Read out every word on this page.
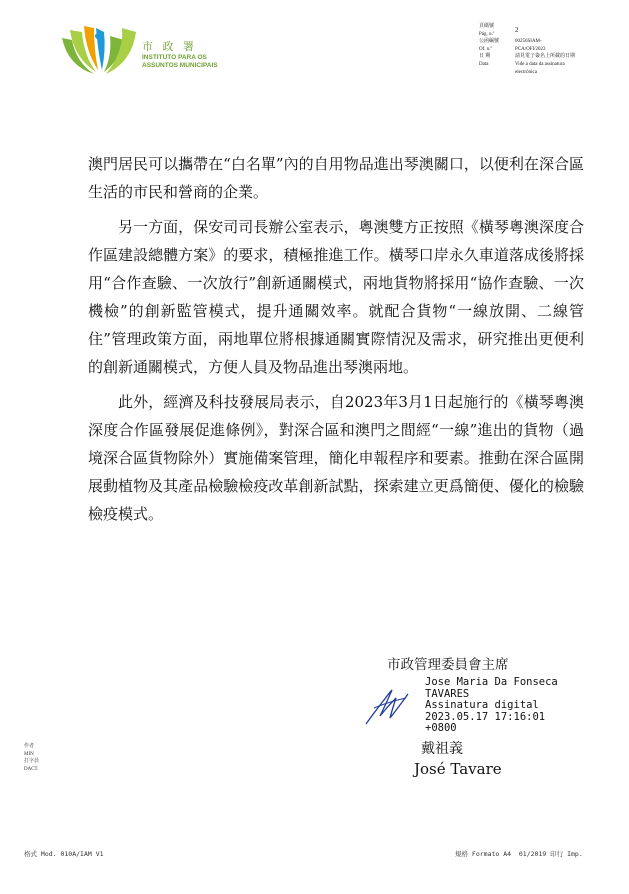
市 政 署
INSTITUTO PARA OS
ASSUNTOS MUNICIPAIS
頁碼號
Pág. n.º
2
公函編號
Of. n.º
00256SIAM-
PCA/OFI/2023
日 期
Data
請見電子簽名上所載的日期
Vide a data da assinatura
electrónica

澳門居民可以攜帶在“白名單”內的自用物品進出琴澳關口，以便利在深合區生活的市民和營商的企業。

另一方面，保安司司長辦公室表示，粵澳雙方正按照《橫琴粵澳深度合作區建設總體方案》的要求，積極推進工作。橫琴口岸永久車道落成後將採用“合作查驗、一次放行”創新通關模式，兩地貨物將採用“協作查驗、一次機檢”的創新監管模式，提升通關效率。就配合貨物“一線放開、二線管住”管理政策方面，兩地單位將根據通關實際情況及需求，研究推出更便利的創新通關模式，方便人員及物品進出琴澳兩地。

此外，經濟及科技發展局表示，自2023年3月1日起施行的《橫琴粵澳深度合作區發展促進條例》，對深合區和澳門之間經“一線”進出的貨物（過境深合區貨物除外）實施備案管理，簡化申報程序和要素。推動在深合區開展動植物及其產品檢驗檢疫改革創新試點，探索建立更爲簡便、優化的檢驗檢疫模式。

市政管理委員會主席
Jose Maria Da Fonseca
TAVARES
Assinatura digital
2023.05.17 17:16:01
+0800
戴祖義
José Tavare
作者
MIN
打字員
DACT.
格式 Mod. 010A/IAM V1	規格 Formato A4  01/2019 印行 Imp.
